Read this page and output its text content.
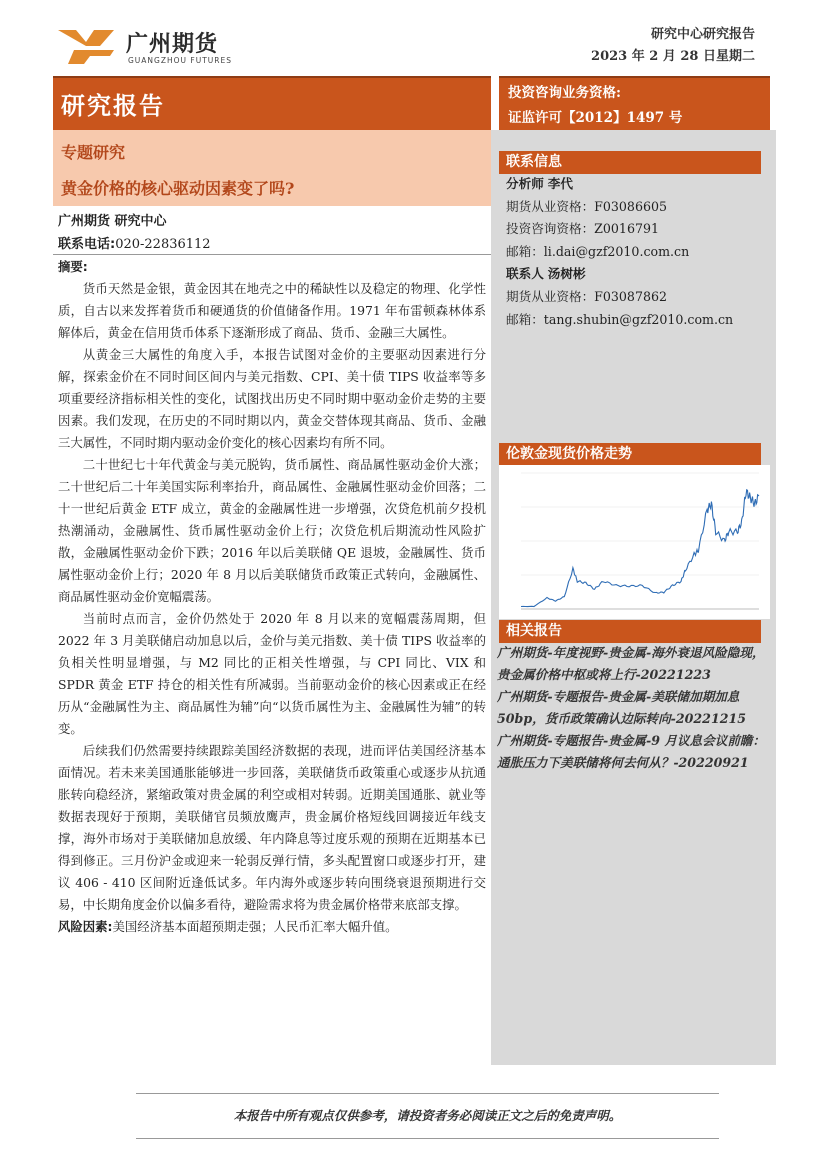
广州期货
GUANGZHOU FUTURES
研究中心研究报告
2023 年 2 月 28 日星期二
研究报告	投资咨询业务资格:
证监许可【2012】1497 号
专题研究
黄金价格的核心驱动因素变了吗?
广州期货 研究中心
联系电话:020-22836112

摘要:

货币天然是金银，黄金因其在地壳之中的稀缺性以及稳定的物理、化学性质，自古以来发挥着货币和硬通货的价值储备作用。1971 年布雷顿森林体系解体后，黄金在信用货币体系下逐渐形成了商品、货币、金融三大属性。

从黄金三大属性的角度入手，本报告试图对金价的主要驱动因素进行分解，探索金价在不同时间区间内与美元指数、CPI、美十债 TIPS 收益率等多项重要经济指标相关性的变化，试图找出历史不同时期中驱动金价走势的主要因素。我们发现，在历史的不同时期以内，黄金交替体现其商品、货币、金融三大属性，不同时期内驱动金价变化的核心因素均有所不同。

二十世纪七十年代黄金与美元脱钩，货币属性、商品属性驱动金价大涨；二十世纪后二十年美国实际利率抬升，商品属性、金融属性驱动金价回落；二十一世纪后黄金 ETF 成立，黄金的金融属性进一步增强，次贷危机前夕投机热潮涌动，金融属性、货币属性驱动金价上行；次贷危机后期流动性风险扩散，金融属性驱动金价下跌；2016 年以后美联储 QE 退坡，金融属性、货币属性驱动金价上行；2020 年 8 月以后美联储货币政策正式转向，金融属性、商品属性驱动金价宽幅震荡。

当前时点而言，金价仍然处于 2020 年 8 月以来的宽幅震荡周期，但 2022 年 3 月美联储启动加息以后，金价与美元指数、美十债 TIPS 收益率的负相关性明显增强，与 M2 同比的正相关性增强，与 CPI 同比、VIX 和 SPDR 黄金 ETF 持仓的相关性有所减弱。当前驱动金价的核心因素或正在经历从“金融属性为主、商品属性为辅”向“以货币属性为主、金融属性为辅”的转变。

后续我们仍然需要持续跟踪美国经济数据的表现，进而评估美国经济基本面情况。若未来美国通胀能够进一步回落，美联储货币政策重心或逐步从抗通胀转向稳经济，紧缩政策对贵金属的利空或相对转弱。近期美国通胀、就业等数据表现好于预期，美联储官员频放鹰声，贵金属价格短线回调接近年线支撑，海外市场对于美联储加息放缓、年内降息等过度乐观的预期在近期基本已得到修正。三月份沪金或迎来一轮弱反弹行情，多头配置窗口或逐步打开，建议 406 - 410 区间附近逢低试多。年内海外或逐步转向围绕衰退预期进行交易，中长期角度金价以偏多看待，避险需求将为贵金属价格带来底部支撑。

风险因素:美国经济基本面超预期走强；人民币汇率大幅升值。

联系信息
分析师 李代
期货从业资格：F03086605
投资咨询资格：Z0016791
邮箱：li.dai@gzf2010.com.cn
联系人 汤树彬
期货从业资格：F03087862
邮箱：tang.shubin@gzf2010.com.cn
伦敦金现货价格走势
相关报告

广州期货-年度视野-贵金属-海外衰退风险隐现，贵金属价格中枢或将上行-20221223

广州期货-专题报告-贵金属-美联储加期加息50bp，货币政策确认边际转向-20221215

广州期货-专题报告-贵金属-9 月议息会议前瞻：通胀压力下美联储将何去何从？-20220921

本报告中所有观点仅供参考，请投资者务必阅读正文之后的免责声明。
